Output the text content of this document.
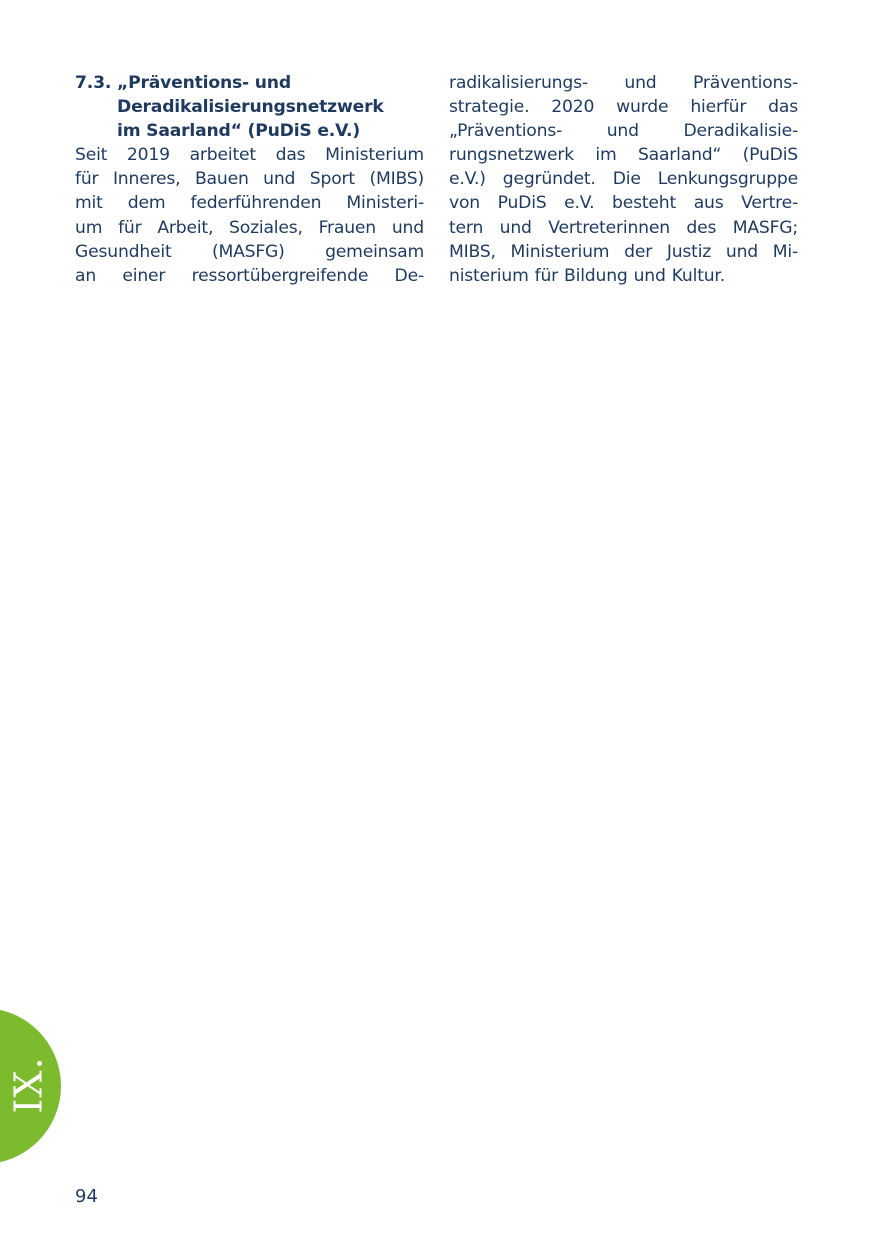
7.3. „Präventions- und
Deradikalisierungsnetzwerk
im Saarland“ (PuDiS e.V.)
Seit 2019 arbeitet das Ministerium
für Inneres, Bauen und Sport (MIBS)
mit dem federführenden Ministeri-
um für Arbeit, Soziales, Frauen und
Gesundheit (MASFG) gemeinsam
an einer ressortübergreifende De-
radikalisierungs- und Präventions-
strategie. 2020 wurde hierfür das
„Präventions-	und	Deradikalisie-
rungsnetzwerk im Saarland“ (PuDiS
e.V.) gegründet. Die Lenkungsgruppe
von PuDiS e.V. besteht aus Vertre-
tern und Vertreterinnen des MASFG;
MIBS, Ministerium der Justiz und Mi-
nisterium für Bildung und Kultur.
IX.
94
